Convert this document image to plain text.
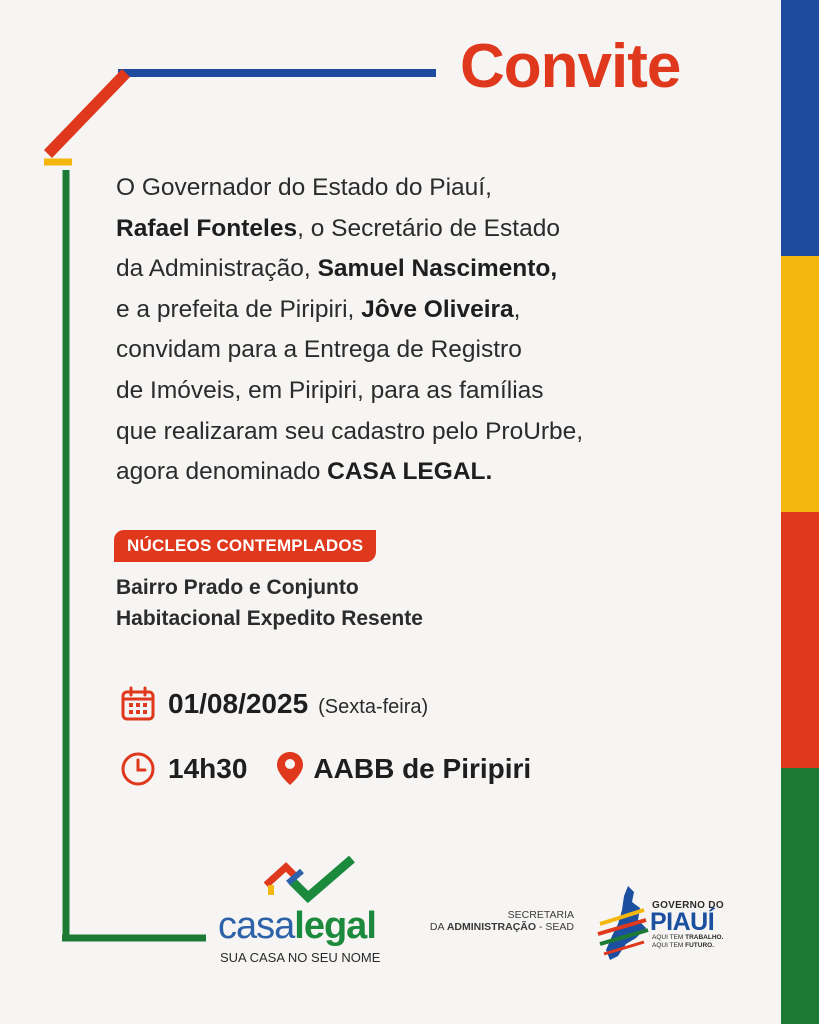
Convite
O Governador do Estado do Piauí,
Rafael Fonteles, o Secretário de Estado
da Administração, Samuel Nascimento,
e a prefeita de Piripiri, Jôve Oliveira,
convidam para a Entrega de Registro
de Imóveis, em Piripiri, para as famílias
que realizaram seu cadastro pelo ProUrbe,
agora denominado CASA LEGAL.
NÚCLEOS CONTEMPLADOS
Bairro Prado e Conjunto
Habitacional Expedito Resente
01/08/2025 (Sexta-feira)
14h30 AABB de Piripiri
casalegal
SUA CASA NO SEU NOME
SECRETARIA
DA ADMINISTRAÇÃO - SEAD
GOVERNO DO
PIAUÍ
AQUI TEM TRABALHO.
AQUI TEM FUTURO.
